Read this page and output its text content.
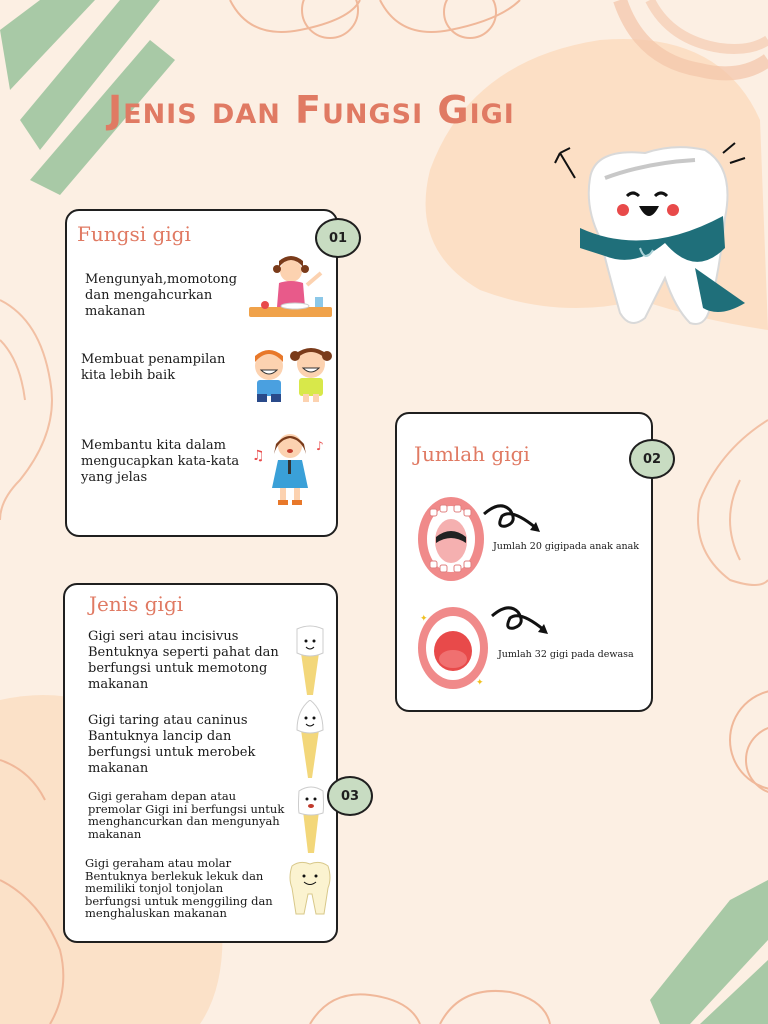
Jenis dan Fungsi Gigi
Fungsi gigi	01
Mengunyah,momotong dan mengahcurkan makanan
Membuat penampilan kita lebih baik
Membantu kita dalam mengucapkan kata-kata yang jelas
♫
♪	Jumlah gigi	02
Jumlah 20 gigipada anak anak
✦
✦
Jumlah 32 gigi pada dewasa
Jenis gigi
03
Gigi seri atau incisivus Bentuknya seperti pahat dan berfungsi untuk memotong makanan
Gigi taring atau caninus Bantuknya lancip dan berfungsi untuk merobek makanan
Gigi geraham depan atau premolar Gigi ini berfungsi untuk menghancurkan dan mengunyah makanan
Gigi geraham atau molar Bentuknya berlekuk lekuk dan memiliki tonjol tonjolan berfungsi untuk menggiling dan menghaluskan makanan
